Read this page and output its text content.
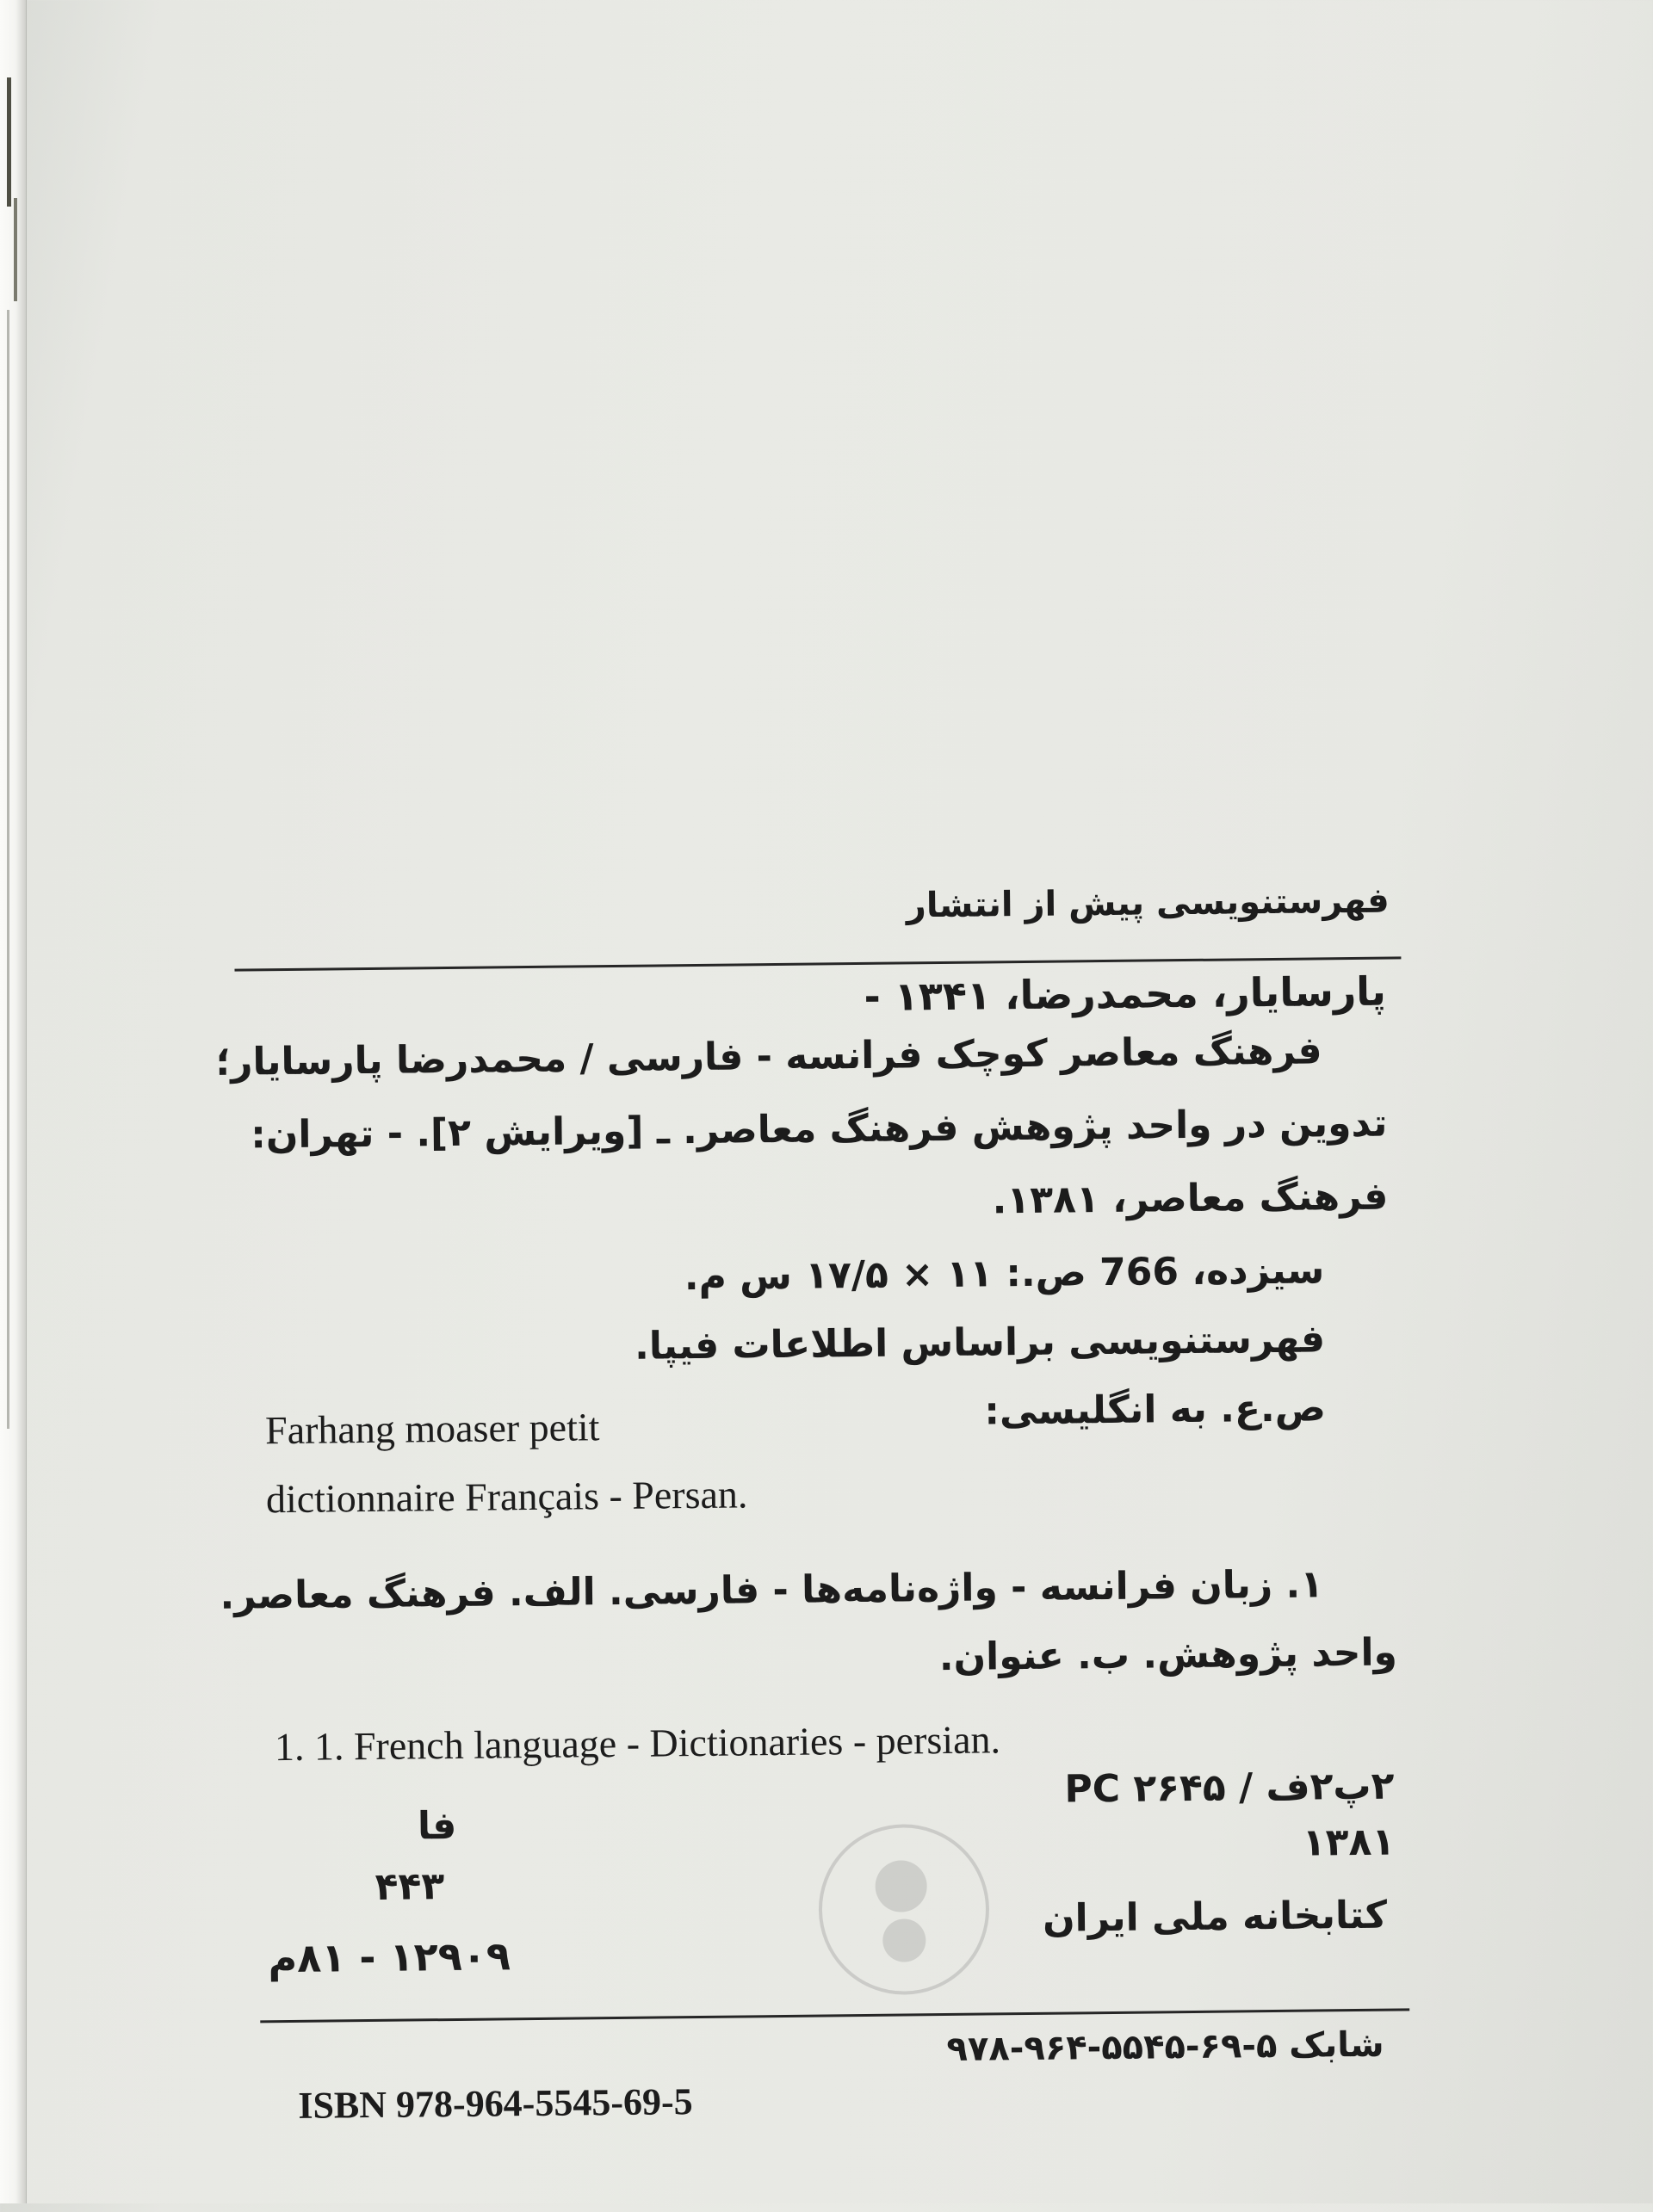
فهرستنویسی پیش از انتشار
پارسایار، محمدرضا، ۱۳۴۱ -
فرهنگ معاصر کوچک فرانسه - فارسی / محمدرضا پارسایار؛
تدوین در واحد پژوهش فرهنگ معاصر. ـ [ویرایش ۲]. - تهران:
فرهنگ معاصر، ۱۳۸۱.
سیزده، 766 ص.: ۱۱ × ۱۷/۵ س م.
فهرستنویسی براساس اطلاعات فیپا.
ص.ع. به انگلیسی:
Farhang moaser petit
dictionnaire Français - Persan.
۱. زبان فرانسه - واژه‌نامه‌ها - فارسی. الف. فرهنگ معاصر.
واحد پژوهش. ب. عنوان.
1. 1. French language - Dictionaries - persian.
۲پ۲ف / PC ۲۶۴۵
۱۳۸۱
فا
۴۴۳
کتابخانه ملی ایران
۱۲۹۰۹ - ۸۱م
شابک ۵-۶۹-۵۵۴۵-۹۶۴-۹۷۸
ISBN 978-964-5545-69-5
